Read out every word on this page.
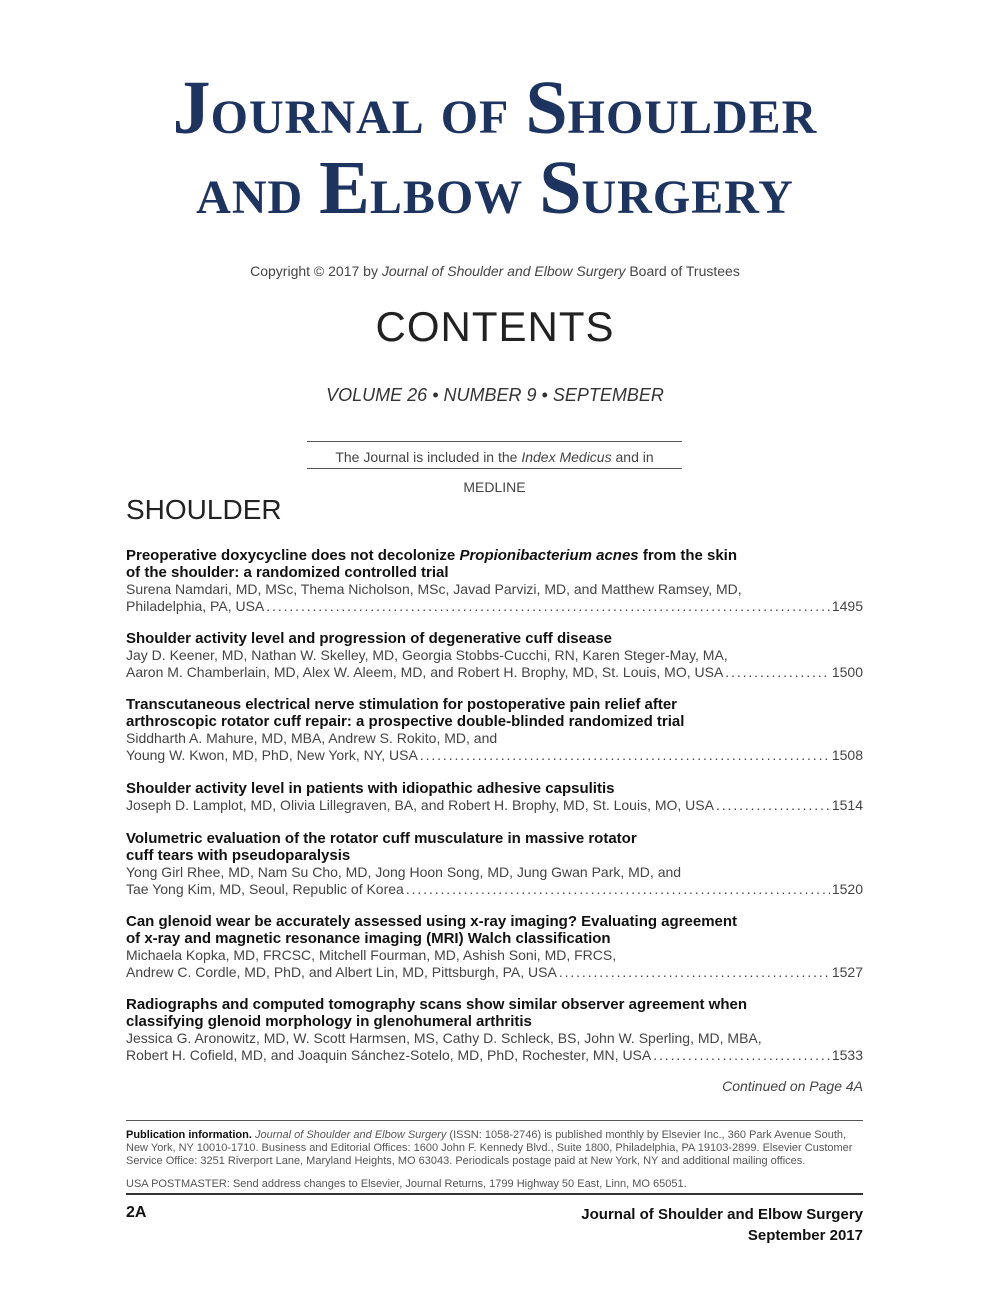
JOURNAL OF SHOULDER
AND ELBOW SURGERY
Copyright © 2017 by Journal of Shoulder and Elbow Surgery Board of Trustees
CONTENTS
VOLUME 26 • NUMBER 9 • SEPTEMBER
The Journal is included in the Index Medicus and in MEDLINE
SHOULDER
Preoperative doxycycline does not decolonize Propionibacterium acnes from the skin
of the shoulder: a randomized controlled trial
Surena Namdari, MD, MSc, Thema Nicholson, MSc, Javad Parvizi, MD, and Matthew Ramsey, MD,
Philadelphia, PA, USA . . .	1495
Shoulder activity level and progression of degenerative cuff disease
Jay D. Keener, MD, Nathan W. Skelley, MD, Georgia Stobbs-Cucchi, RN, Karen Steger-May, MA,
Aaron M. Chamberlain, MD, Alex W. Aleem, MD, and Robert H. Brophy, MD, St. Louis, MO, USA . . .	1500
Transcutaneous electrical nerve stimulation for postoperative pain relief after
arthroscopic rotator cuff repair: a prospective double-blinded randomized trial
Siddharth A. Mahure, MD, MBA, Andrew S. Rokito, MD, and
Young W. Kwon, MD, PhD, New York, NY, USA . . .	1508
Shoulder activity level in patients with idiopathic adhesive capsulitis
Joseph D. Lamplot, MD, Olivia Lillegraven, BA, and Robert H. Brophy, MD, St. Louis, MO, USA . . .	1514
Volumetric evaluation of the rotator cuff musculature in massive rotator
cuff tears with pseudoparalysis
Yong Girl Rhee, MD, Nam Su Cho, MD, Jong Hoon Song, MD, Jung Gwan Park, MD, and
Tae Yong Kim, MD, Seoul, Republic of Korea . . .	1520
Can glenoid wear be accurately assessed using x-ray imaging? Evaluating agreement
of x-ray and magnetic resonance imaging (MRI) Walch classification
Michaela Kopka, MD, FRCSC, Mitchell Fourman, MD, Ashish Soni, MD, FRCS,
Andrew C. Cordle, MD, PhD, and Albert Lin, MD, Pittsburgh, PA, USA . . .	1527
Radiographs and computed tomography scans show similar observer agreement when
classifying glenoid morphology in glenohumeral arthritis
Jessica G. Aronowitz, MD, W. Scott Harmsen, MS, Cathy D. Schleck, BS, John W. Sperling, MD, MBA,
Robert H. Cofield, MD, and Joaquin Sánchez-Sotelo, MD, PhD, Rochester, MN, USA . . .	1533
Continued on Page 4A
Publication information. Journal of Shoulder and Elbow Surgery (ISSN: 1058-2746) is published monthly by Elsevier Inc., 360 Park Avenue South, New York, NY 10010-1710. Business and Editorial Offices: 1600 John F. Kennedy Blvd., Suite 1800, Philadelphia, PA 19103-2899. Elsevier Customer Service Office: 3251 Riverport Lane, Maryland Heights, MO 63043. Periodicals postage paid at New York, NY and additional mailing offices.
USA POSTMASTER: Send address changes to Elsevier, Journal Returns, 1799 Highway 50 East, Linn, MO 65051.
2A	Journal of Shoulder and Elbow Surgery
September 2017
